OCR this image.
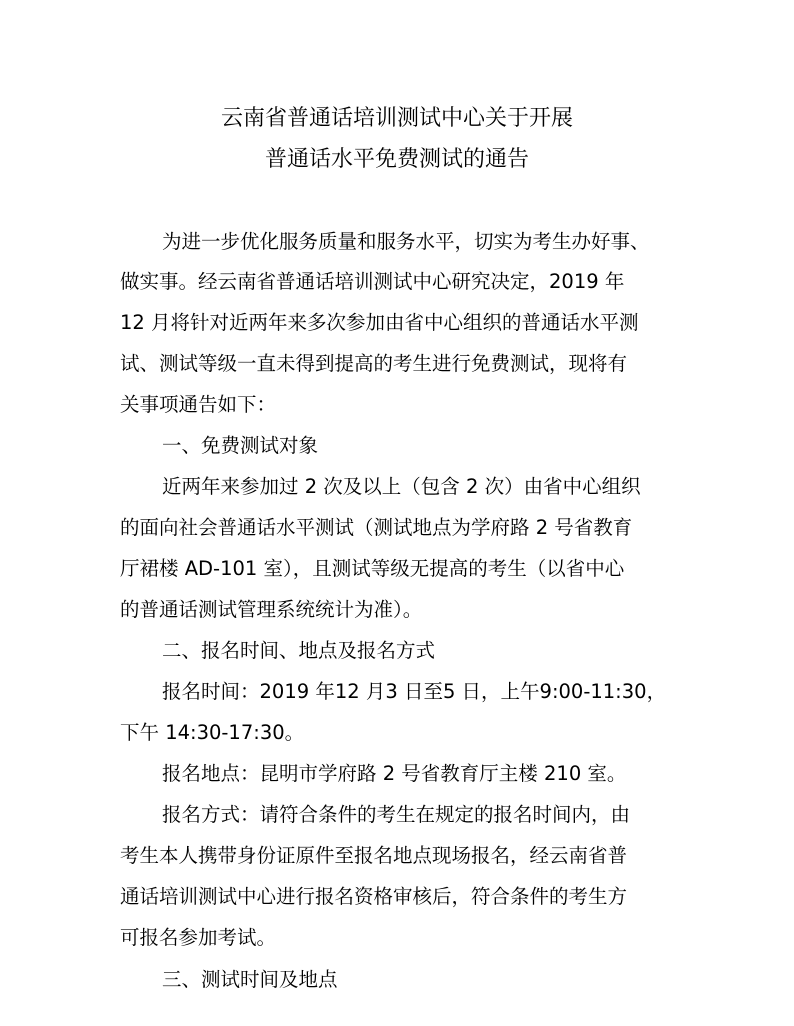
云南省普通话培训测试中心关于开展
普通话水平免费测试的通告
为进一步优化服务质量和服务水平，切实为考生办好事、
做实事。经云南省普通话培训测试中心研究决定，2019 年
12 月将针对近两年来多次参加由省中心组织的普通话水平测
试、测试等级一直未得到提高的考生进行免费测试，现将有
关事项通告如下：
一、免费测试对象
近两年来参加过 2 次及以上（包含 2 次）由省中心组织
的面向社会普通话水平测试（测试地点为学府路 2 号省教育
厅裙楼 AD-101 室），且测试等级无提高的考生（以省中心
的普通话测试管理系统统计为准）。
二、报名时间、地点及报名方式
报名时间：2019 年12 月3 日至5 日，上午9:00-11:30，
下午 14:30-17:30。
报名地点：昆明市学府路 2 号省教育厅主楼 210 室。
报名方式：请符合条件的考生在规定的报名时间内，由
考生本人携带身份证原件至报名地点现场报名，经云南省普
通话培训测试中心进行报名资格审核后，符合条件的考生方
可报名参加考试。
三、测试时间及地点
